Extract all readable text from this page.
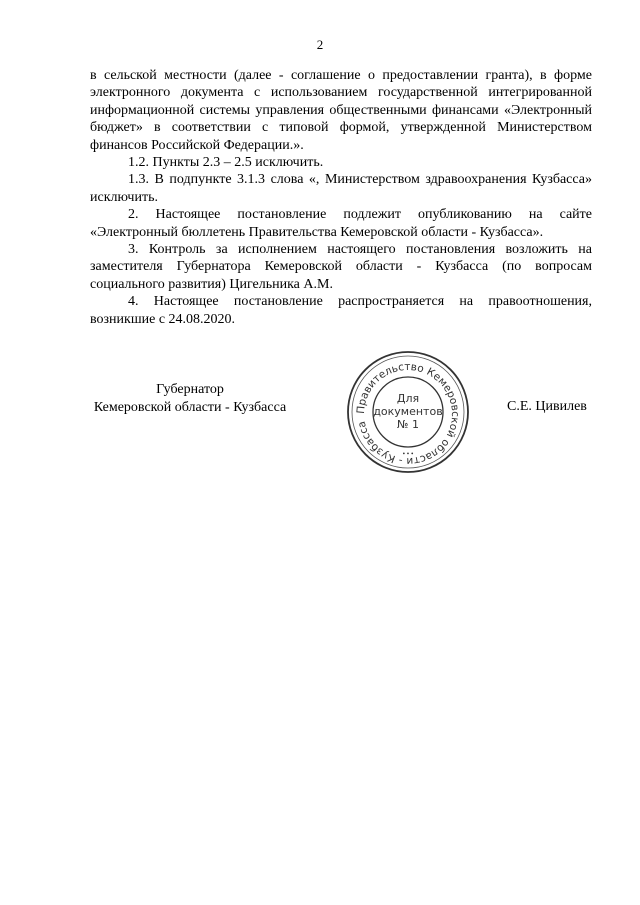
2

в сельской местности (далее - соглашение о предоставлении гранта), в форме электронного документа с использованием государственной интегрированной информационной системы управления общественными финансами «Электронный бюджет» в соответствии с типовой формой, утвержденной Министерством финансов Российской Федерации.».

1.2. Пункты 2.3 – 2.5 исключить.

1.3. В подпункте 3.1.3 слова «, Министерством здравоохранения Кузбасса» исключить.

2. Настоящее постановление подлежит опубликованию на сайте «Электронный бюллетень Правительства Кемеровской области - Кузбасса».

3. Контроль за исполнением настоящего постановления возложить на заместителя Губернатора Кемеровской области - Кузбасса (по вопросам социального развития) Цигельника А.М.

4. Настоящее постановление распространяется на правоотношения, возникшие с 24.08.2020.

Губернатор
Кемеровской области - Кузбасса	С.Е. Цивилев
Правительство Кемеровской области - Кузбасса
• • •
Для
документов
№ 1
